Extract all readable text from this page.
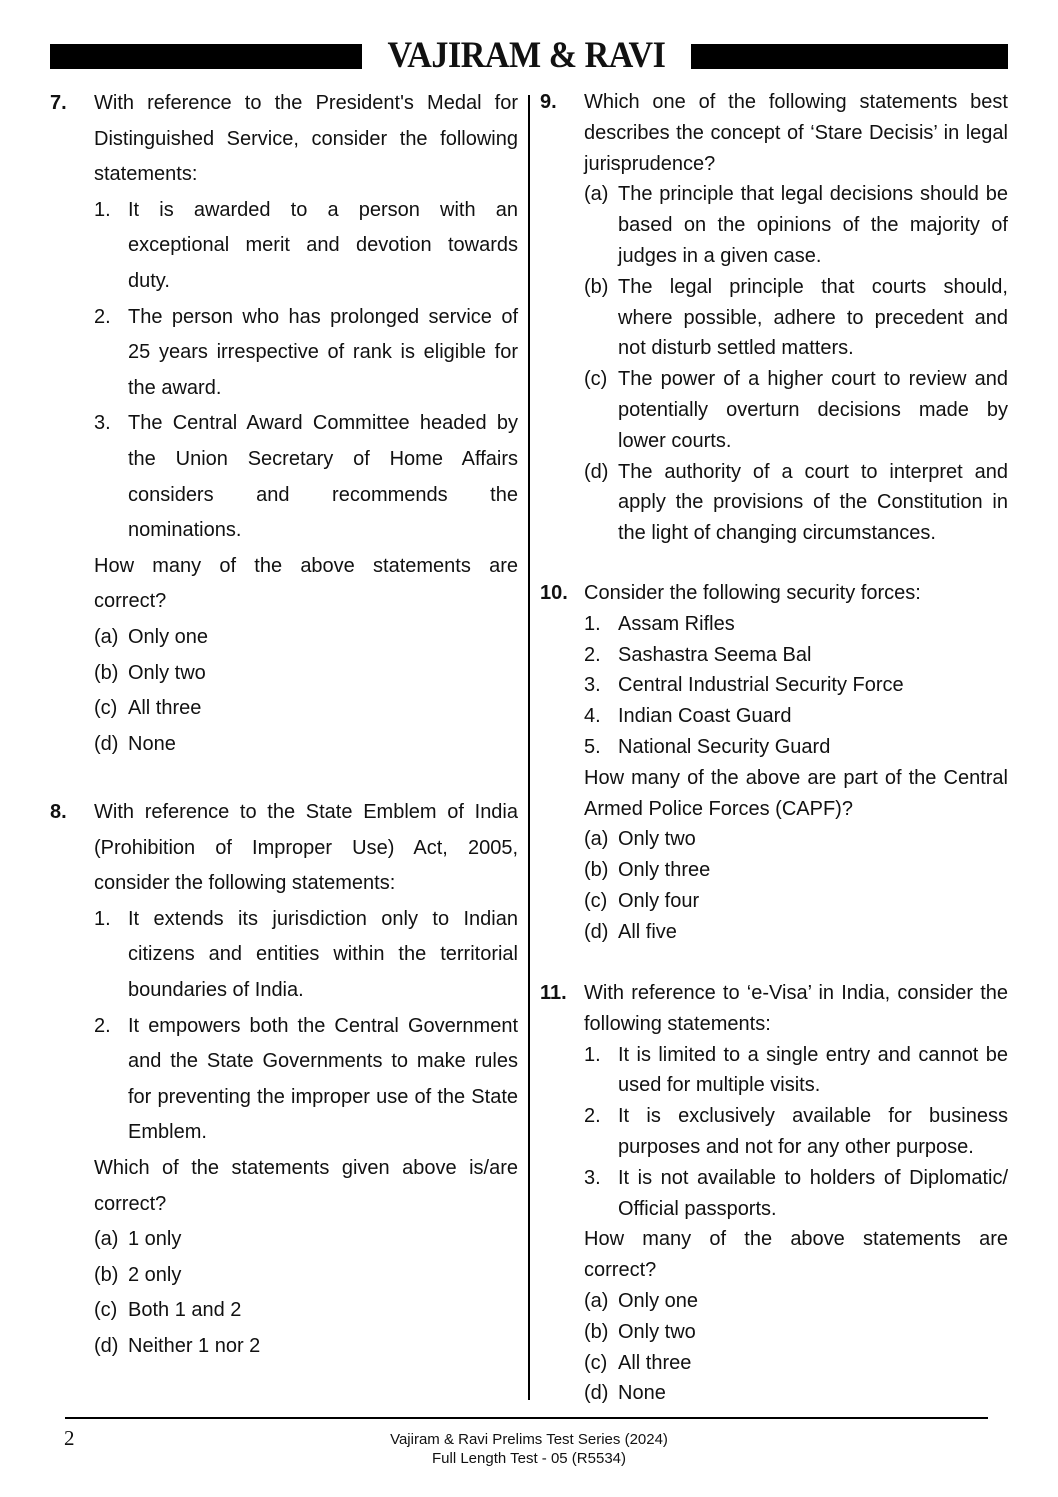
VAJIRAM & RAVI
7. With reference to the President's Medal for Distinguished Service, consider the following statements:
1. It is awarded to a person with an exceptional merit and devotion towards duty.
2. The person who has prolonged service of 25 years irrespective of rank is eligible for the award.
3. The Central Award Committee headed by the Union Secretary of Home Affairs considers and recommends the nominations.
How many of the above statements are correct?
(a) Only one
(b) Only two
(c) All three
(d) None
8. With reference to the State Emblem of India (Prohibition of Improper Use) Act, 2005, consider the following statements:
1. It extends its jurisdiction only to Indian citizens and entities within the territorial boundaries of India.
2. It empowers both the Central Government and the State Governments to make rules for preventing the improper use of the State Emblem.
Which of the statements given above is/are correct?
(a) 1 only
(b) 2 only
(c) Both 1 and 2
(d) Neither 1 nor 2
9. Which one of the following statements best describes the concept of ‘Stare Decisis’ in legal jurisprudence?
(a) The principle that legal decisions should be based on the opinions of the majority of judges in a given case.
(b) The legal principle that courts should, where possible, adhere to precedent and not disturb settled matters.
(c) The power of a higher court to review and potentially overturn decisions made by lower courts.
(d) The authority of a court to interpret and apply the provisions of the Constitution in the light of changing circumstances.
10. Consider the following security forces:
1. Assam Rifles
2. Sashastra Seema Bal
3. Central Industrial Security Force
4. Indian Coast Guard
5. National Security Guard
How many of the above are part of the Central Armed Police Forces (CAPF)?
(a) Only two
(b) Only three
(c) Only four
(d) All five
11. With reference to ‘e-Visa’ in India, consider the following statements:
1. It is limited to a single entry and cannot be used for multiple visits.
2. It is exclusively available for business purposes and not for any other purpose.
3. It is not available to holders of Diplomatic/ Official passports.
How many of the above statements are correct?
(a) Only one
(b) Only two
(c) All three
(d) None
2	Vajiram & Ravi Prelims Test Series (2024)
Full Length Test - 05 (R5534)
